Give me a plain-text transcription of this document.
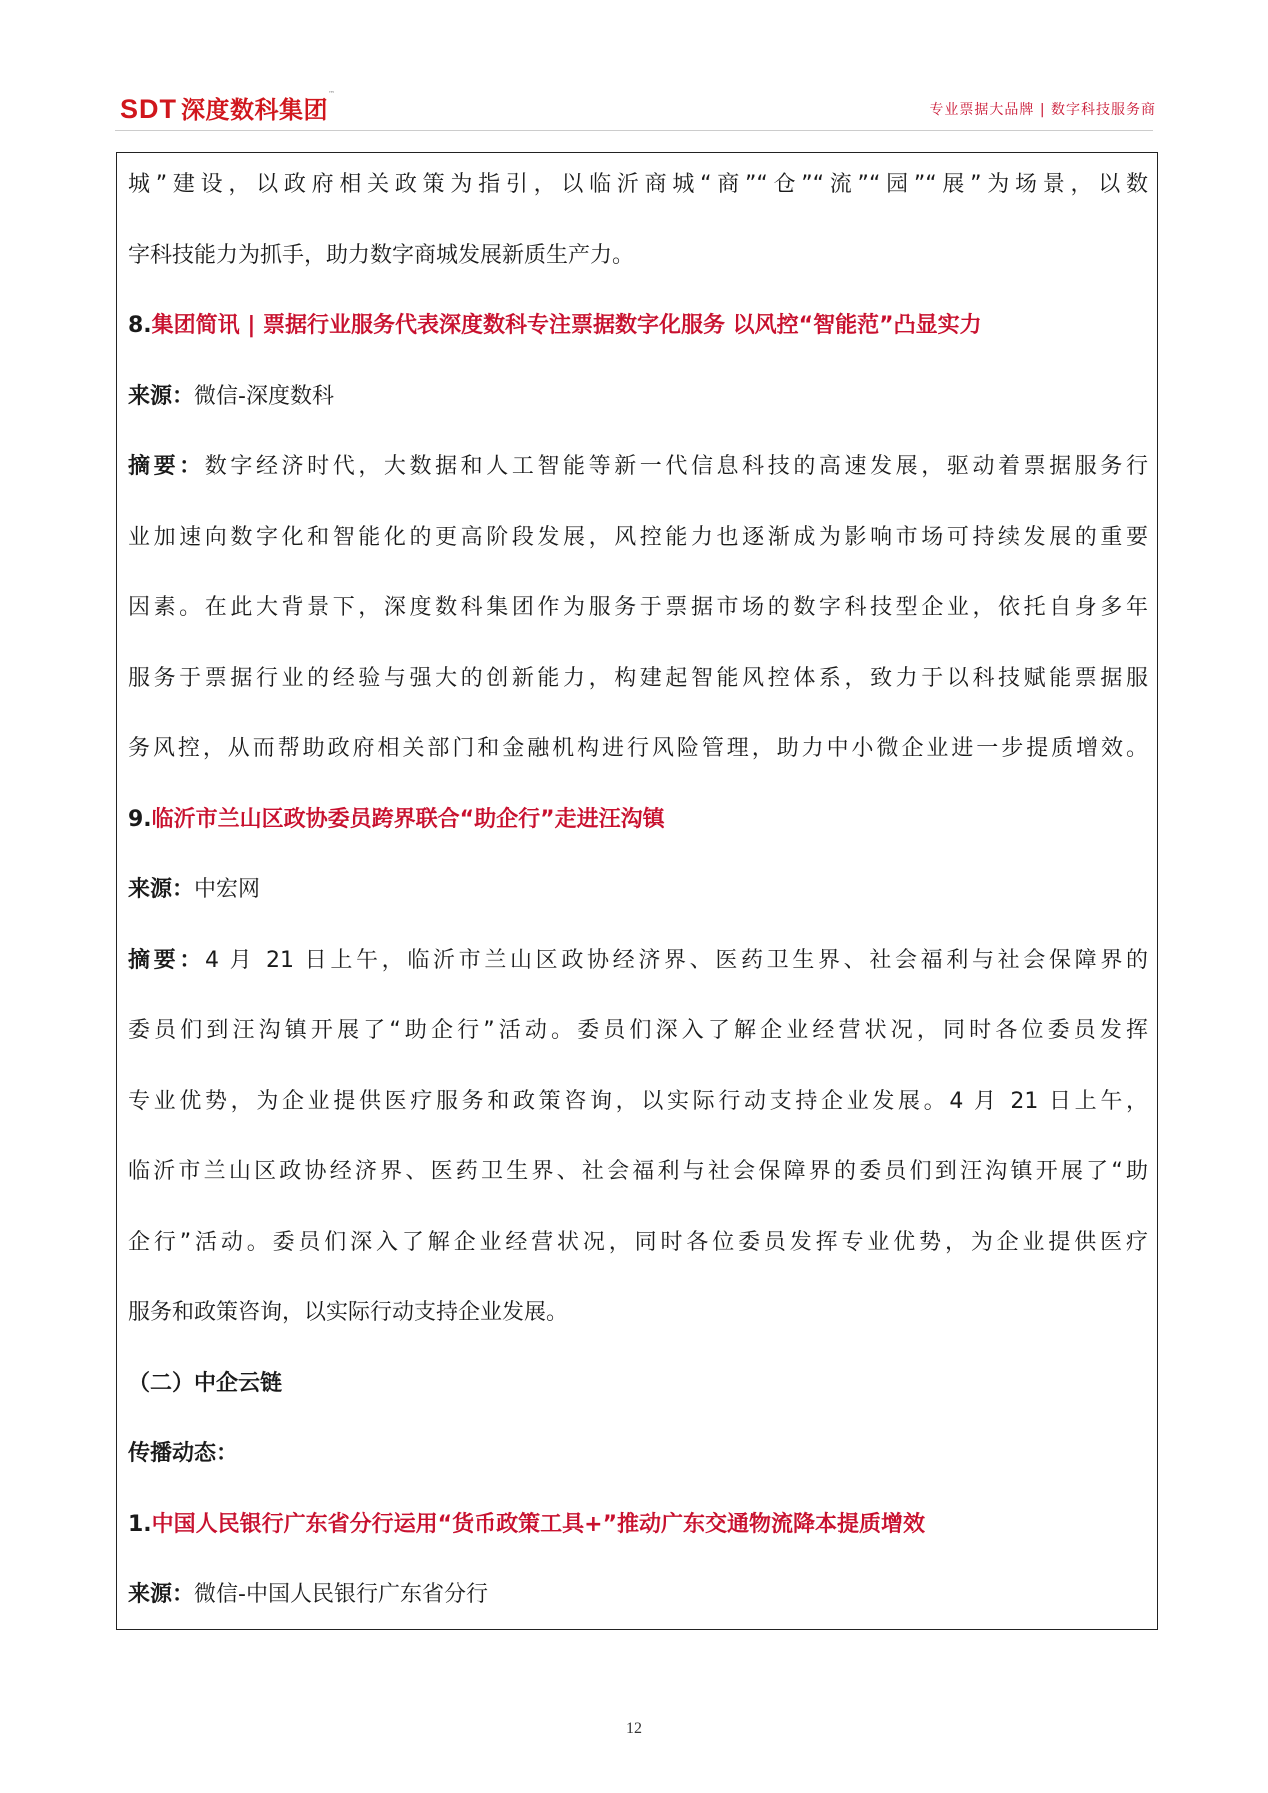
SDT 深度数科集团™
专业票据大品牌 | 数字科技服务商
城”建设，以政府相关政策为指引，以临沂商城“商”“仓”“流”“园”“展”为场景，以数
字科技能力为抓手，助力数字商城发展新质生产力。
8.集团简讯 | 票据行业服务代表深度数科专注票据数字化服务 以风控“智能范”凸显实力
来源：微信-深度数科
摘要：数字经济时代，大数据和人工智能等新一代信息科技的高速发展，驱动着票据服务行
业加速向数字化和智能化的更高阶段发展，风控能力也逐渐成为影响市场可持续发展的重要
因素。在此大背景下，深度数科集团作为服务于票据市场的数字科技型企业，依托自身多年
服务于票据行业的经验与强大的创新能力，构建起智能风控体系，致力于以科技赋能票据服
务风控，从而帮助政府相关部门和金融机构进行风险管理，助力中小微企业进一步提质增效。
9.临沂市兰山区政协委员跨界联合“助企行”走进汪沟镇
来源：中宏网
摘要：4 月 21 日上午，临沂市兰山区政协经济界、医药卫生界、社会福利与社会保障界的
委员们到汪沟镇开展了“助企行”活动。委员们深入了解企业经营状况，同时各位委员发挥
专业优势，为企业提供医疗服务和政策咨询，以实际行动支持企业发展。4 月 21 日上午，
临沂市兰山区政协经济界、医药卫生界、社会福利与社会保障界的委员们到汪沟镇开展了“助
企行”活动。委员们深入了解企业经营状况，同时各位委员发挥专业优势，为企业提供医疗
服务和政策咨询，以实际行动支持企业发展。
（二）中企云链
传播动态：
1.中国人民银行广东省分行运用“货币政策工具+”推动广东交通物流降本提质增效
来源：微信-中国人民银行广东省分行
12
